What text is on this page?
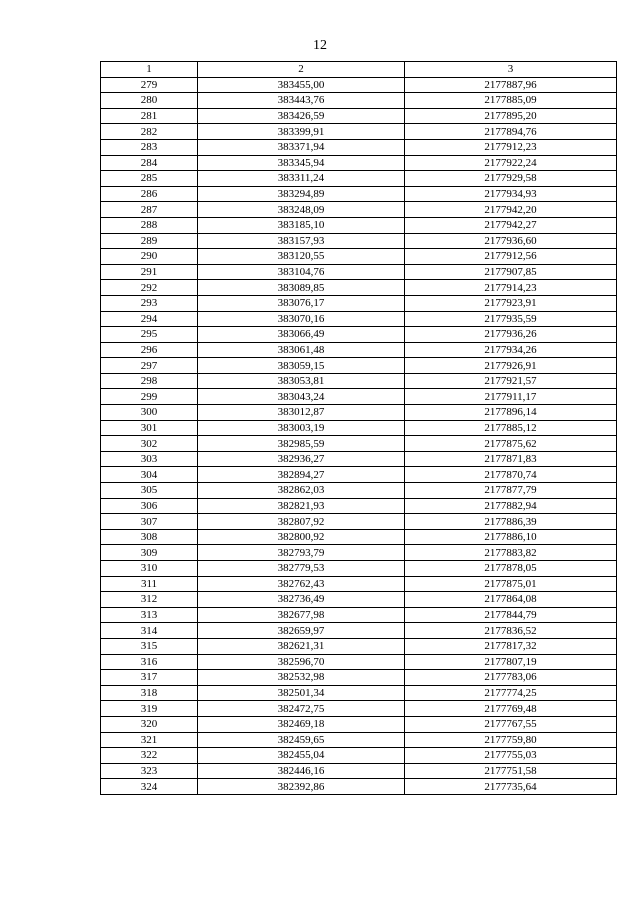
12
1	2	3
279	383455,00	2177887,96
280	383443,76	2177885,09
281	383426,59	2177895,20
282	383399,91	2177894,76
283	383371,94	2177912,23
284	383345,94	2177922,24
285	383311,24	2177929,58
286	383294,89	2177934,93
287	383248,09	2177942,20
288	383185,10	2177942,27
289	383157,93	2177936,60
290	383120,55	2177912,56
291	383104,76	2177907,85
292	383089,85	2177914,23
293	383076,17	2177923,91
294	383070,16	2177935,59
295	383066,49	2177936,26
296	383061,48	2177934,26
297	383059,15	2177926,91
298	383053,81	2177921,57
299	383043,24	2177911,17
300	383012,87	2177896,14
301	383003,19	2177885,12
302	382985,59	2177875,62
303	382936,27	2177871,83
304	382894,27	2177870,74
305	382862,03	2177877,79
306	382821,93	2177882,94
307	382807,92	2177886,39
308	382800,92	2177886,10
309	382793,79	2177883,82
310	382779,53	2177878,05
311	382762,43	2177875,01
312	382736,49	2177864,08
313	382677,98	2177844,79
314	382659,97	2177836,52
315	382621,31	2177817,32
316	382596,70	2177807,19
317	382532,98	2177783,06
318	382501,34	2177774,25
319	382472,75	2177769,48
320	382469,18	2177767,55
321	382459,65	2177759,80
322	382455,04	2177755,03
323	382446,16	2177751,58
324	382392,86	2177735,64
